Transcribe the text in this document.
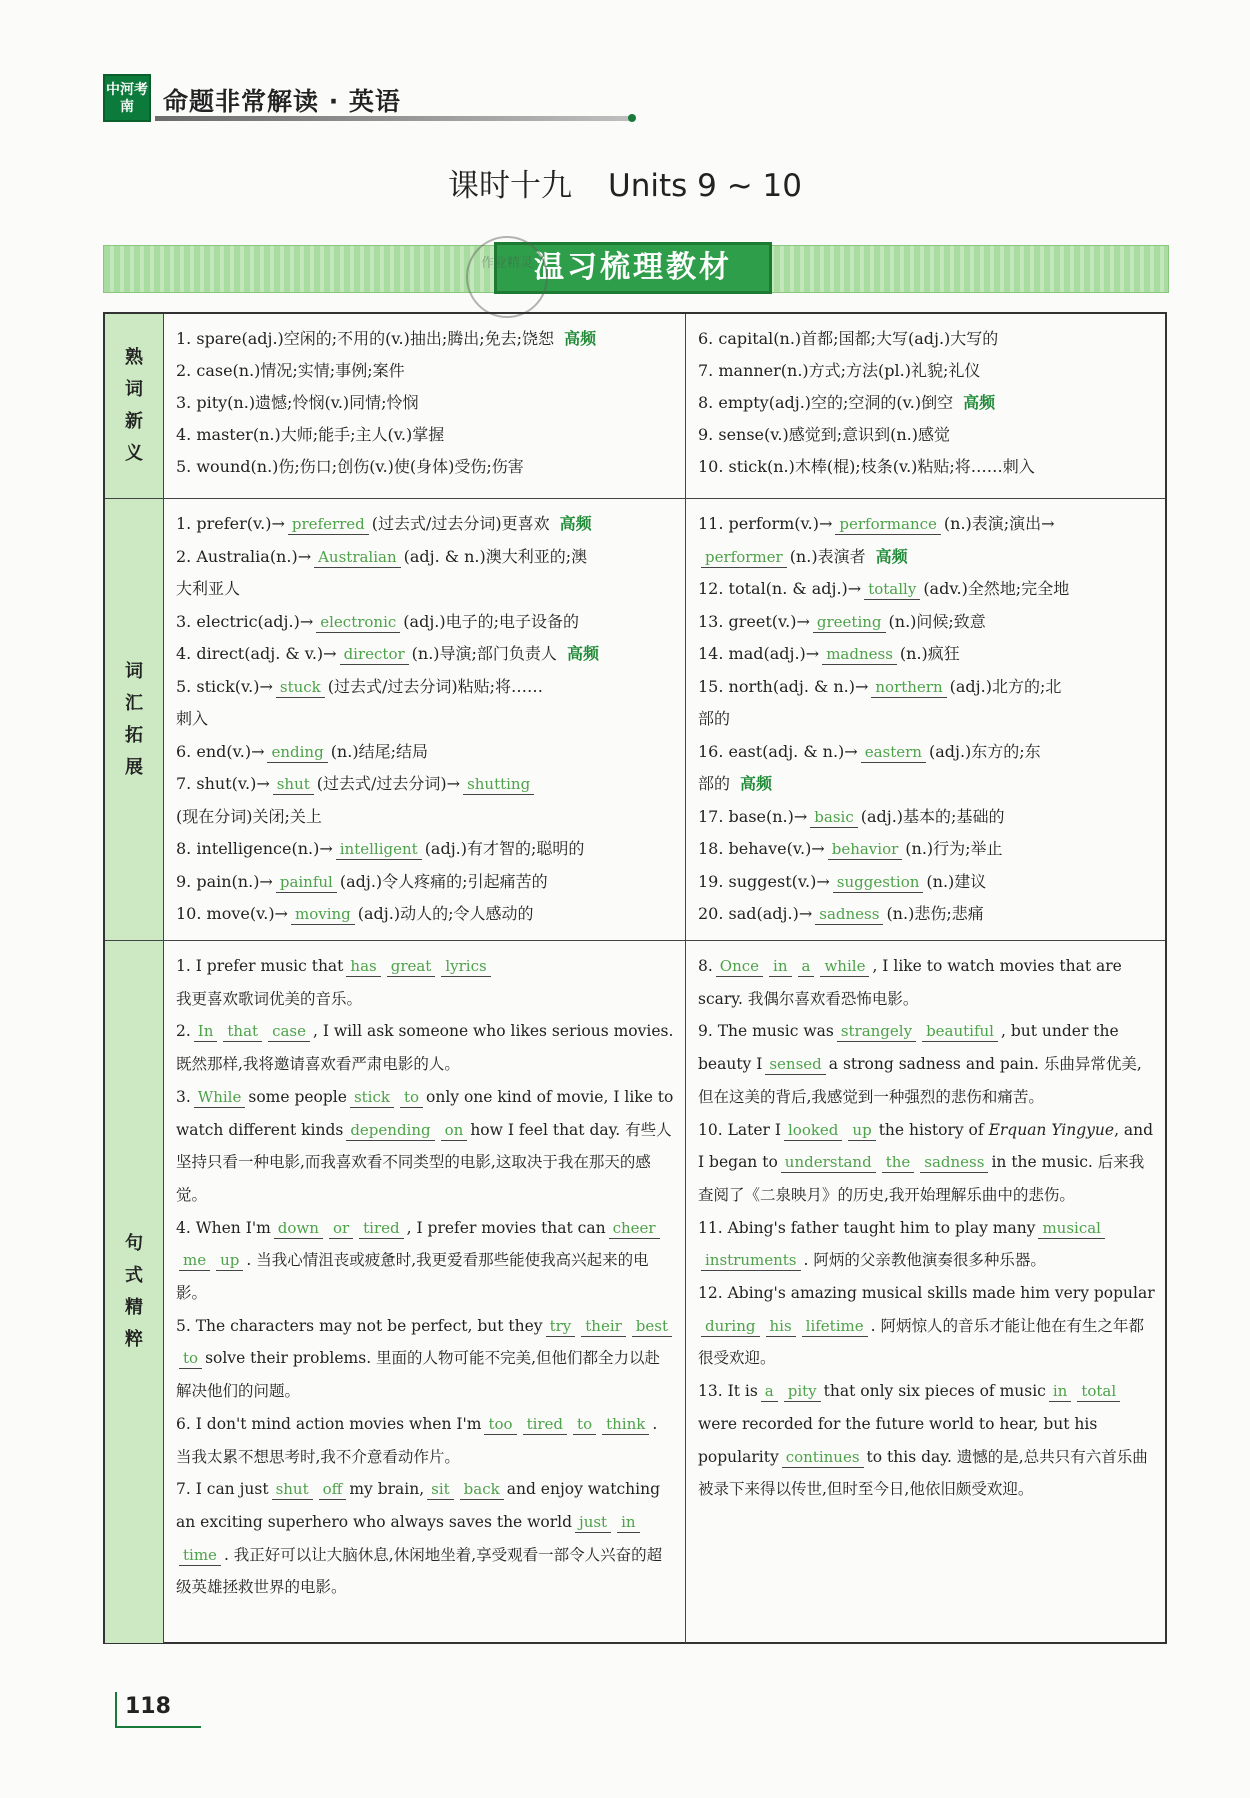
中河考南	命题非常解读 · 英语
课时十九 Units 9 ~ 10
温习梳理教材
作业精灵
熟
词
新
义
1. spare(adj.)空闲的;不用的(v.)抽出;腾出;免去;饶恕 高频
2. case(n.)情况;实情;事例;案件
3. pity(n.)遗憾;怜悯(v.)同情;怜悯
4. master(n.)大师;能手;主人(v.)掌握
5. wound(n.)伤;伤口;创伤(v.)使(身体)受伤;伤害
6. capital(n.)首都;国都;大写(adj.)大写的
7. manner(n.)方式;方法(pl.)礼貌;礼仪
8. empty(adj.)空的;空洞的(v.)倒空 高频
9. sense(v.)感觉到;意识到(n.)感觉
10. stick(n.)木棒(棍);枝条(v.)粘贴;将……刺入
词
汇
拓
展
1. prefer(v.)→ preferred (过去式/过去分词)更喜欢 高频
2. Australia(n.)→ Australian (adj. & n.)澳大利亚的;澳
大利亚人
3. electric(adj.)→ electronic (adj.)电子的;电子设备的
4. direct(adj. & v.)→ director (n.)导演;部门负责人 高频
5. stick(v.)→ stuck (过去式/过去分词)粘贴;将……
刺入
6. end(v.)→ ending (n.)结尾;结局
7. shut(v.)→ shut (过去式/过去分词)→ shutting
(现在分词)关闭;关上
8. intelligence(n.)→ intelligent (adj.)有才智的;聪明的
9. pain(n.)→ painful (adj.)令人疼痛的;引起痛苦的
10. move(v.)→ moving (adj.)动人的;令人感动的
11. perform(v.)→ performance (n.)表演;演出→
performer (n.)表演者 高频
12. total(n. & adj.)→ totally (adv.)全然地;完全地
13. greet(v.)→ greeting (n.)问候;致意
14. mad(adj.)→ madness (n.)疯狂
15. north(adj. & n.)→ northern (adj.)北方的;北
部的
16. east(adj. & n.)→ eastern (adj.)东方的;东
部的 高频
17. base(n.)→ basic (adj.)基本的;基础的
18. behave(v.)→ behavior (n.)行为;举止
19. suggest(v.)→ suggestion (n.)建议
20. sad(adj.)→ sadness (n.)悲伤;悲痛
句
式
精
粹
1. I prefer music that has great lyrics
我更喜欢歌词优美的音乐。
2. In that case , I will ask someone who likes serious movies. 既然那样,我将邀请喜欢看严肃电影的人。
3. While some people stick to only one kind of movie, I like to watch different kinds depending on how I feel that day. 有些人坚持只看一种电影,而我喜欢看不同类型的电影,这取决于我在那天的感觉。
4. When I'm down or tired , I prefer movies that can cheerme up . 当我心情沮丧或疲惫时,我更爱看那些能使我高兴起来的电影。
5. The characters may not be perfect, but they try their bestto solve their problems. 里面的人物可能不完美,但他们都全力以赴解决他们的问题。
6. I don't mind action movies when I'm too tired to think . 当我太累不想思考时,我不介意看动作片。
7. I can just shut off my brain, sit back and enjoy watching an exciting superhero who always saves the world just intime . 我正好可以让大脑休息,休闲地坐着,享受观看一部令人兴奋的超级英雄拯救世界的电影。
8. Once in a while , I like to watch movies that are scary. 我偶尔喜欢看恐怖电影。
9. The music was strangely beautiful , but under the beauty I sensed a strong sadness and pain. 乐曲异常优美,但在这美的背后,我感觉到一种强烈的悲伤和痛苦。
10. Later I looked up the history of Erquan Yingyue, and I began to understand the sadness in the music. 后来我查阅了《二泉映月》的历史,我开始理解乐曲中的悲伤。
11. Abing's father taught him to play many musicalinstruments . 阿炳的父亲教他演奏很多种乐器。
12. Abing's amazing musical skills made him very popularduring his lifetime . 阿炳惊人的音乐才能让他在有生之年都很受欢迎。
13. It is a pity that only six pieces of music in totalwere recorded for the future world to hear, but his popularity continues to this day. 遗憾的是,总共只有六首乐曲被录下来得以传世,但时至今日,他依旧颇受欢迎。
118
